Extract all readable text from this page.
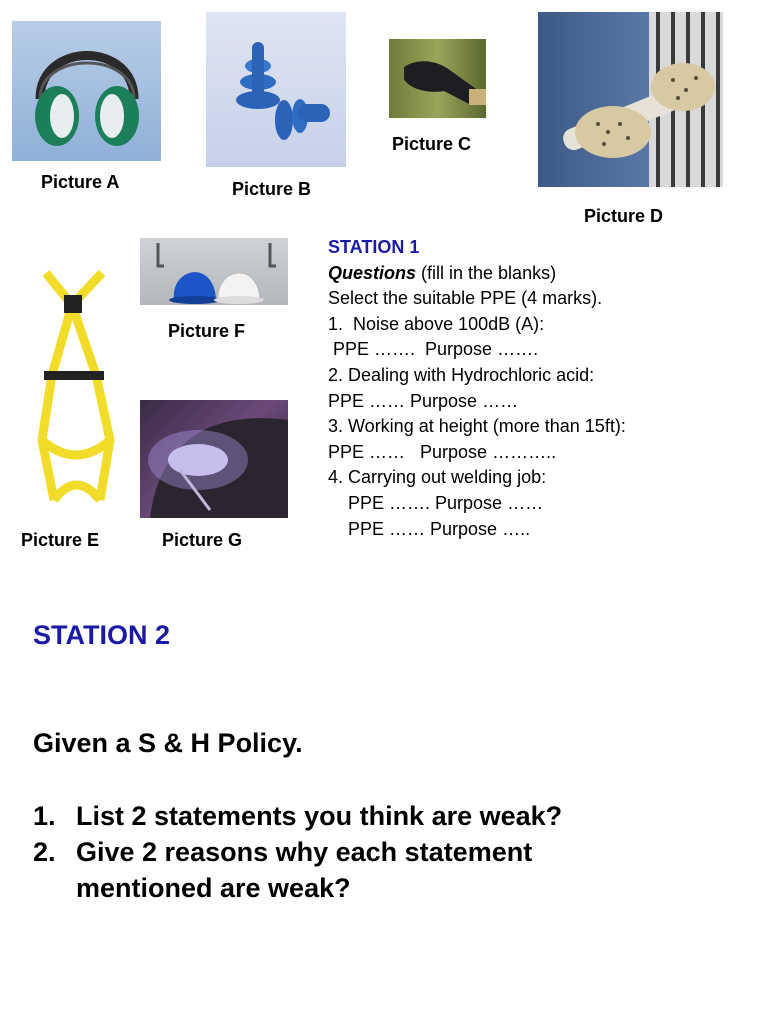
Picture A	Picture B
Picture C
Picture D
Picture E
Picture F
Picture G
STATION 1
Questions (fill in the blanks)
Select the suitable PPE (4 marks).
1.  Noise above 100dB (A):
PPE …….  Purpose …….
2. Dealing with Hydrochloric acid:
PPE …… Purpose ……
3. Working at height (more than 15ft):
PPE ……   Purpose ………..
4. Carrying out welding job:
PPE ……. Purpose ……
PPE …… Purpose …..
STATION 2
Given a S & H Policy.
1. List 2 statements you think are weak?
2. Give 2 reasons why each statement mentioned are weak?
